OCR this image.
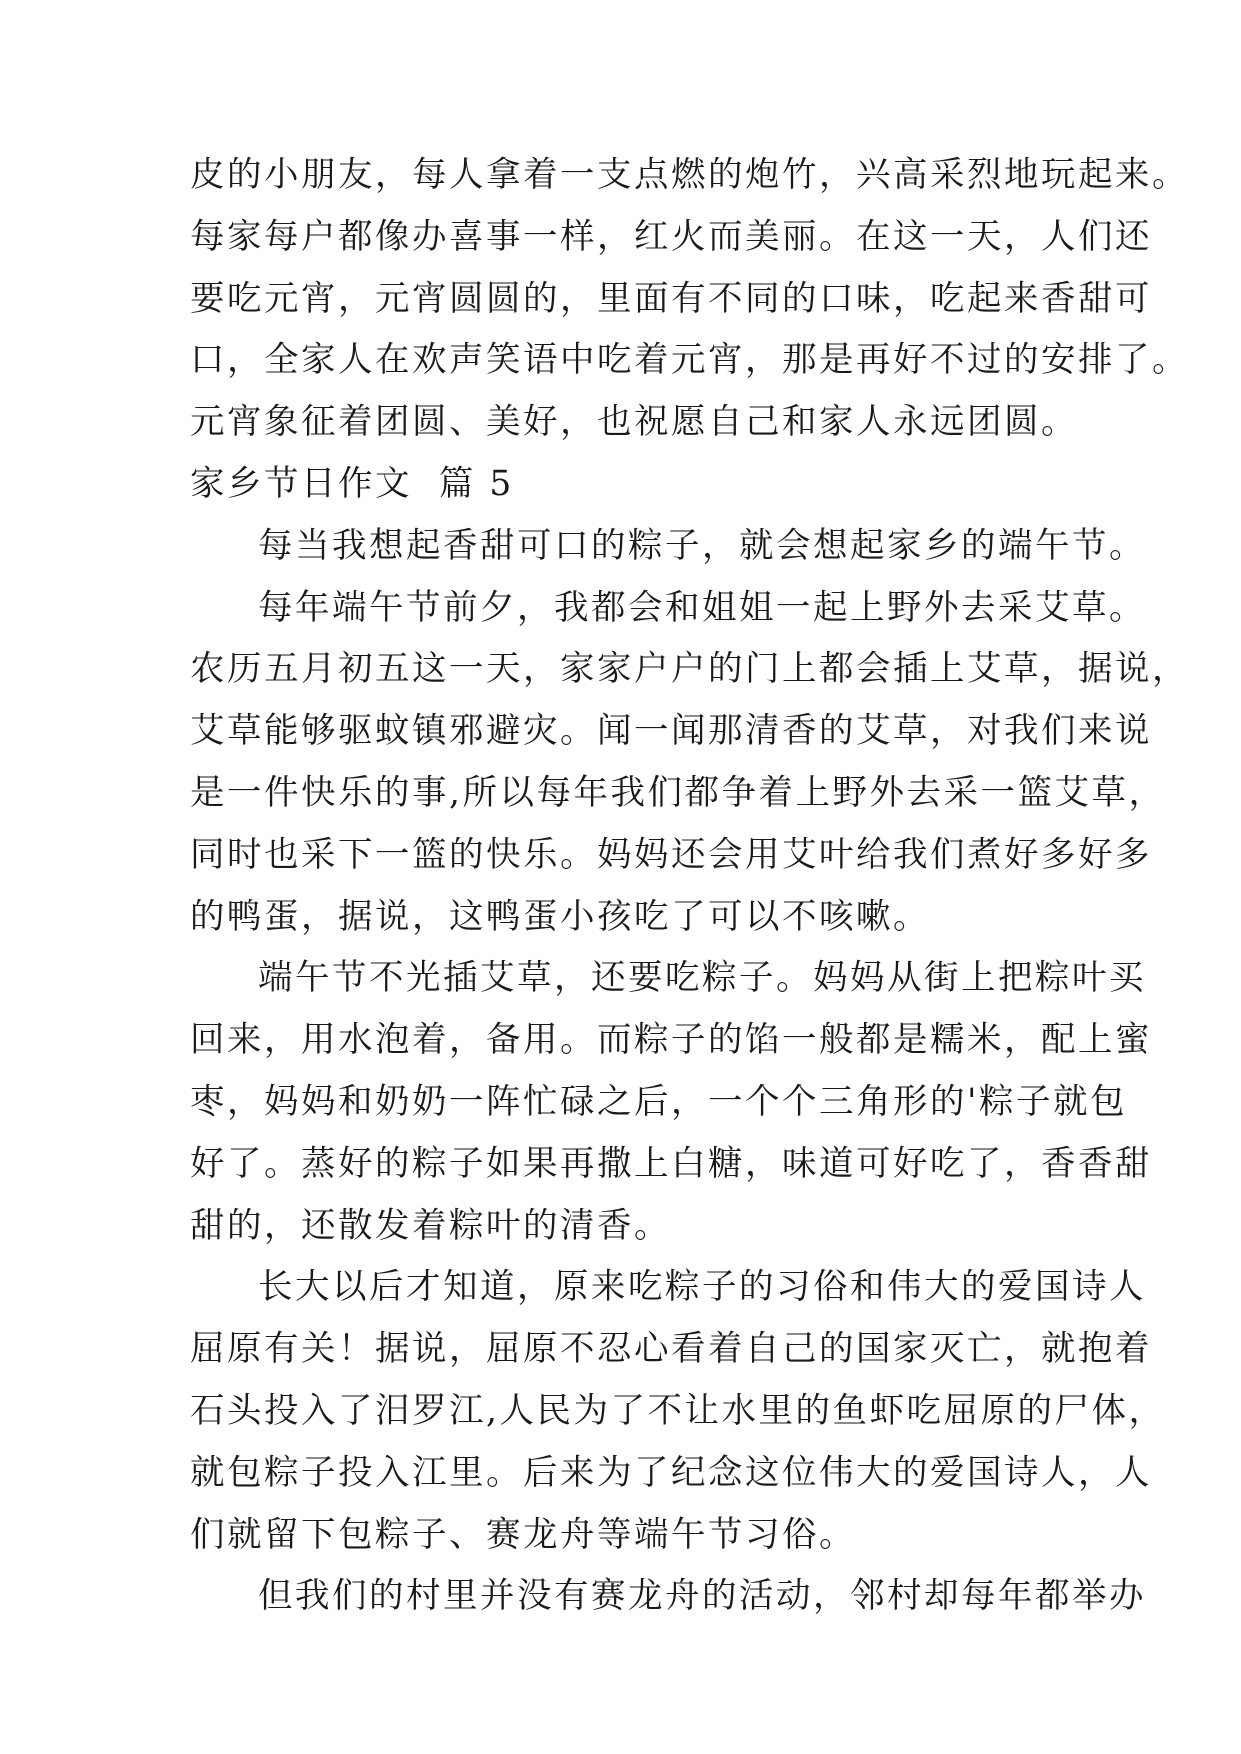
皮的小朋友，每人拿着一支点燃的炮竹，兴高采烈地玩起来。
每家每户都像办喜事一样，红火而美丽。在这一天，人们还
要吃元宵，元宵圆圆的，里面有不同的口味，吃起来香甜可
口，全家人在欢声笑语中吃着元宵，那是再好不过的安排了。
元宵象征着团圆、美好，也祝愿自己和家人永远团圆。
家乡节日作文  篇 5
每当我想起香甜可口的粽子，就会想起家乡的端午节。
每年端午节前夕，我都会和姐姐一起上野外去采艾草。
农历五月初五这一天，家家户户的门上都会插上艾草，据说，
艾草能够驱蚊镇邪避灾。闻一闻那清香的艾草，对我们来说
是一件快乐的事,所以每年我们都争着上野外去采一篮艾草，
同时也采下一篮的快乐。妈妈还会用艾叶给我们煮好多好多
的鸭蛋，据说，这鸭蛋小孩吃了可以不咳嗽。
端午节不光插艾草，还要吃粽子。妈妈从街上把粽叶买
回来，用水泡着，备用。而粽子的馅一般都是糯米，配上蜜
枣，妈妈和奶奶一阵忙碌之后，一个个三角形的'粽子就包
好了。蒸好的粽子如果再撒上白糖，味道可好吃了，香香甜
甜的，还散发着粽叶的清香。
长大以后才知道，原来吃粽子的习俗和伟大的爱国诗人
屈原有关！据说，屈原不忍心看着自己的国家灭亡，就抱着
石头投入了汨罗江,人民为了不让水里的鱼虾吃屈原的尸体，
就包粽子投入江里。后来为了纪念这位伟大的爱国诗人，人
们就留下包粽子、赛龙舟等端午节习俗。
但我们的村里并没有赛龙舟的活动，邻村却每年都举办
